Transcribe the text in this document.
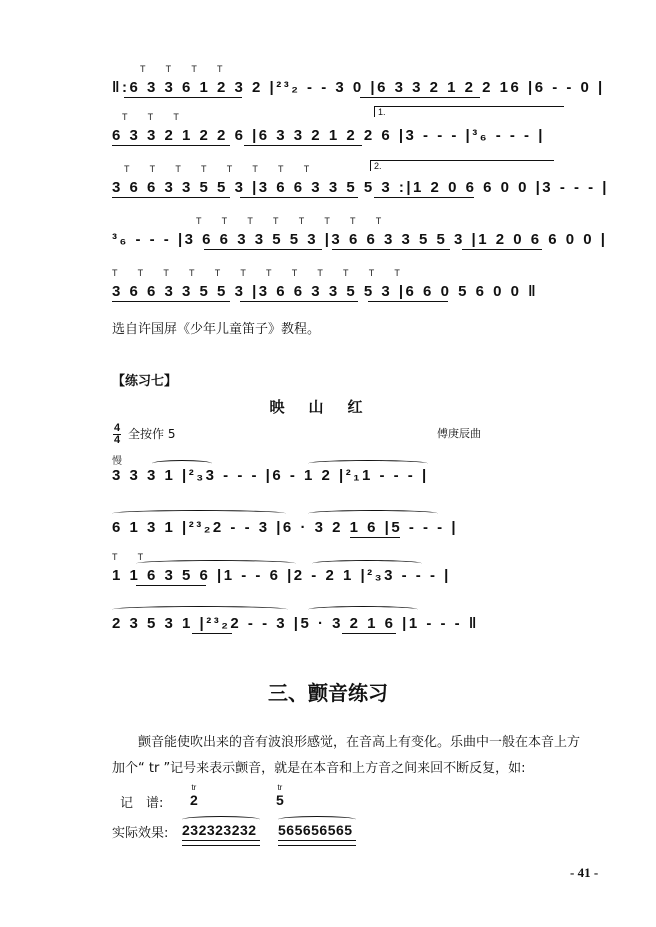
T T T T
‖:6 3 3 6 1 2 3 2 |²³₂ - - 3 0 |6 3 3 2 1 2 2 16 |6 - - 0 |
1.
T T T
6 3 3 2 1 2 2 6 |6 3 3 2 1 2 2 6 |3 - - - |³₆ - - - |
2.
T T T T T T T T
3 6 6 3 3 5 5 3 |3 6 6 3 3 5 5 3 :|1 2 0 6 6 0 0 |3 - - - |
T T T T T T T T
³₆ - - - |3 6 6 3 3 5 5 3 |3 6 6 3 3 5 5 3 |1 2 0 6 6 0 0 |
T T T T T T T T T T T T
3 6 6 3 3 5 5 3 |3 6 6 3 3 5 5 3 |6 6 0 5 6 0 0 ‖
选自许国屏《少年儿童笛子》教程。
【练习七】
映山红
4
4 全按作 5	傅庚辰曲
慢
3 3 3 1 |²₃3 - - - |6 - 1 2 |²₁1 - - - |
6 1 3 1 |²³₂2 - - 3 |6 · 3 2 1 6 |5 - - - |
T T
1 1 6 3 5 6 |1 - - 6 |2 - 2 1 |²₃3 - - - |
2 3 5 3 1 |²³₂2 - - 3 |5 · 3 2 1 6 |1 - - - ‖
三、颤音练习
颤音能使吹出来的音有波浪形感觉，在音高上有变化。乐曲中一般在本音上方
加个“ tr ”记号来表示颤音，就是在本音和上方音之间来回不断反复，如:
记　谱:
tr
2
tr
5
实际效果: 232323232 565656565
- 41 -
